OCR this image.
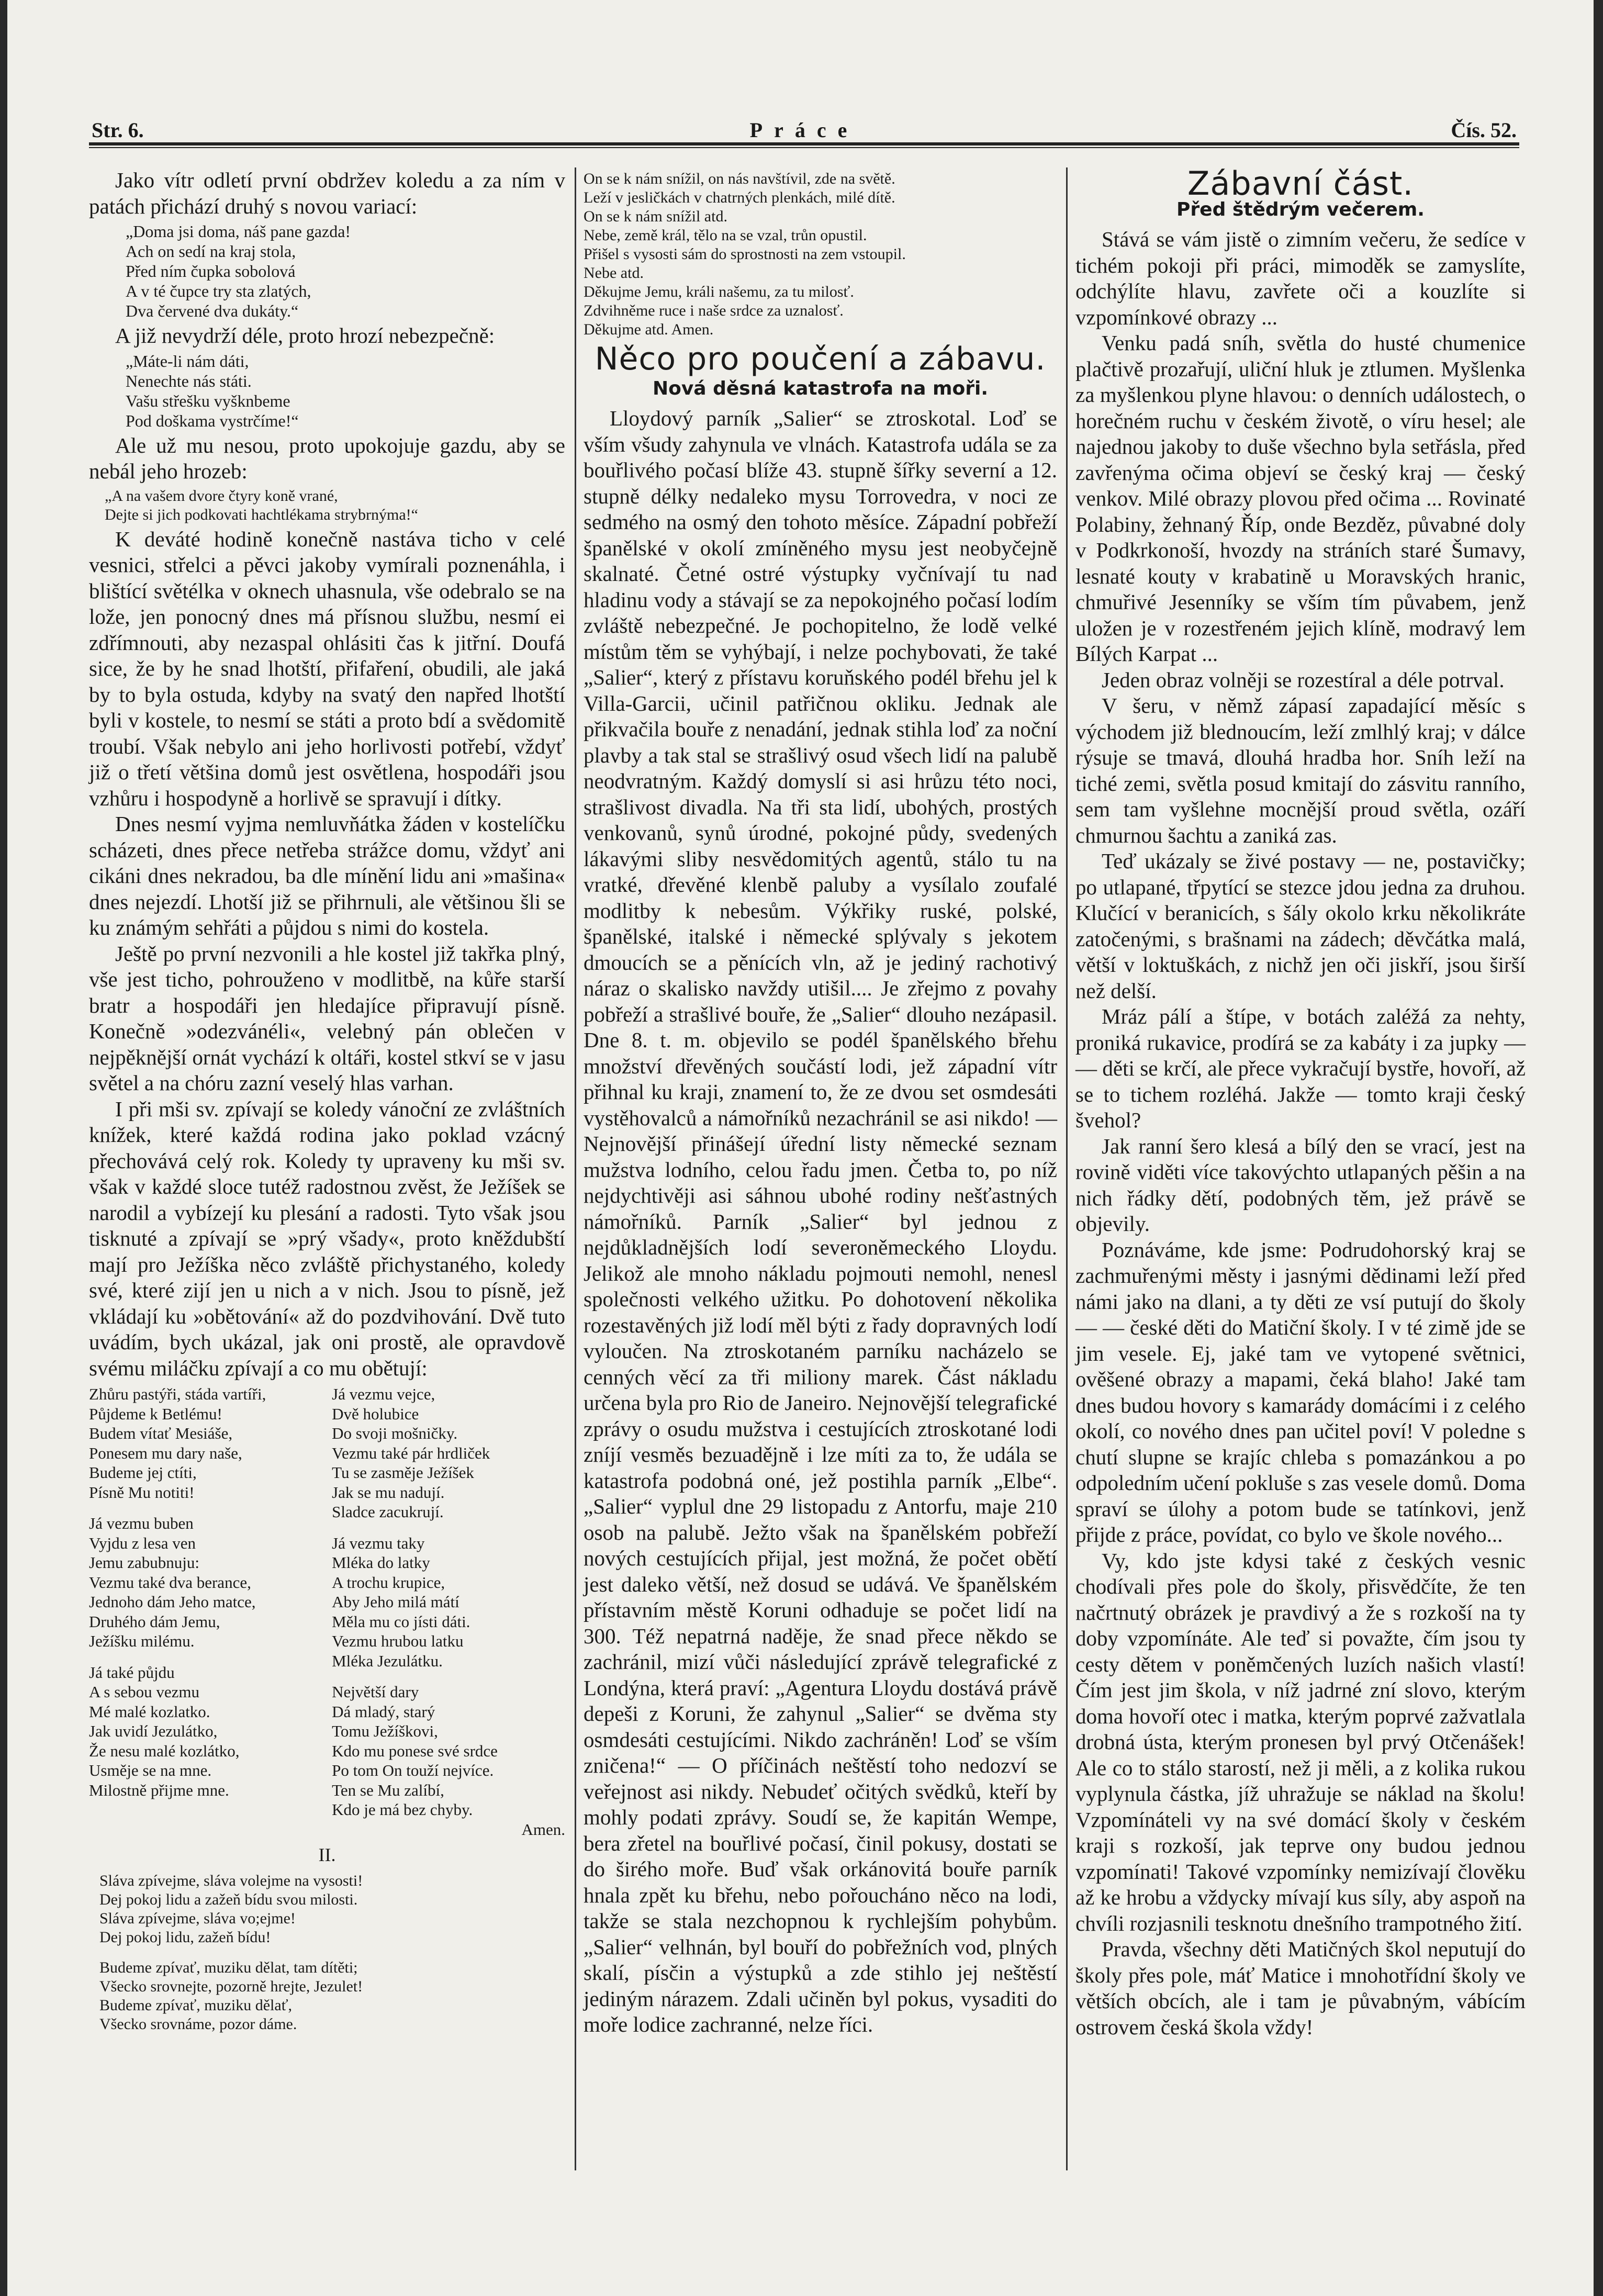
Str. 6.	Práce	Čís. 52.

Jako vítr odletí první obdržev koledu a za ním v patách přichází druhý s novou variací:

„Doma jsi doma, náš pane gazda!
Ach on sedí na kraj stola,
Před ním čupka sobolová
A v té čupce try sta zlatých,
Dva červené dva dukáty.“

A již nevydrží déle, proto hrozí nebezpečně:

„Máte-li nám dáti,
Nenechte nás státi.
Vašu střešku vyšknbeme
Pod doškama vystrčíme!“

Ale už mu nesou, proto upokojuje gazdu, aby se nebál jeho hrozeb:

„A na vašem dvore čtyry koně vrané,
Dejte si jich podkovati hachtlékama strybrnýma!“

K deváté hodině konečně nastáva ticho v celé vesnici, střelci a pěvci jakoby vymírali poznenáhla, i blištící světélka v oknech uhasnula, vše odebralo se na lože, jen ponocný dnes má přísnou službu, nesmí ei zdřímnouti, aby nezaspal ohlásiti čas k jitřní. Doufá sice, že by he snad lhotští, přifaření, obudili, ale jaká by to byla ostuda, kdyby na svatý den napřed lhotští byli v kostele, to nesmí se státi a proto bdí a svědomitě troubí. Však nebylo ani jeho horlivosti potřebí, vždyť již o třetí většina domů jest osvětlena, hospodáři jsou vzhůru i hospodyně a horlivě se spravují i dítky.

Dnes nesmí vyjma nemluvňátka žáden v kostelíčku scházeti, dnes přece netřeba strážce domu, vždyť ani cikáni dnes nekradou, ba dle mínění lidu ani »mašina« dnes nejezdí. Lhotší již se přihrnuli, ale většinou šli se ku známým sehřáti a půjdou s nimi do kostela.

Ještě po první nezvonili a hle kostel již takřka plný, vše jest ticho, pohrouženo v modlitbě, na kůře starší bratr a hospodáři jen hledajíce připravují písně. Konečně »odezvánéli«, velebný pán oblečen v nejpěknější ornát vychází k oltáři, kostel stkví se v jasu světel a na chóru zazní veselý hlas varhan.

I při mši sv. zpívají se koledy vánoční ze zvláštních knížek, které každá rodina jako poklad vzácný přechovává celý rok. Koledy ty upraveny ku mši sv. však v každé sloce tutéž radostnou zvěst, že Ježíšek se narodil a vybízejí ku plesání a radosti. Tyto však jsou tisknuté a zpívají se »prý všady«, proto kněždubští mají pro Ježíška něco zvláště přichystaného, koledy své, které zijí jen u nich a v nich. Jsou to písně, jež vkládají ku »obětování« až do pozdvihování. Dvě tuto uvádím, bych ukázal, jak oni prostě, ale opravdově svému miláčku zpívají a co mu obětují:

Zhůru pastýři, stáda vartíři,
Půjdeme k Betlému!
Budem vítať Mesiáše,
Ponesem mu dary naše,
Budeme jej ctíti,
Písně Mu notiti!
Já vezmu buben
Vyjdu z lesa ven
Jemu zabubnuju:
Vezmu také dva berance,
Jednoho dám Jeho matce,
Druhého dám Jemu,
Ježíšku milému.
Já také půjdu
A s sebou vezmu
Mé malé kozlatko.
Jak uvidí Jezulátko,
Že nesu malé kozlátko,
Usměje se na mne.
Milostně přijme mne.
Já vezmu vejce,
Dvě holubice
Do svoji mošničky.
Vezmu také pár hrdliček
Tu se zasměje Ježíšek
Jak se mu nadují.
Sladce zacukrují.
Já vezmu taky
Mléka do latky
A trochu krupice,
Aby Jeho milá mátí
Měla mu co jísti dáti.
Vezmu hrubou latku
Mléka Jezulátku.
Největší dary
Dá mladý, starý
Tomu Ježíškovi,
Kdo mu ponese své srdce
Po tom On touží nejvíce.
Ten se Mu zalíbí,
Kdo je má bez chyby.
Amen.
II.
Sláva zpívejme, sláva volejme na vysosti!
Dej pokoj lidu a zažeň bídu svou milosti.
Sláva zpívejme, sláva vo;ejme!
Dej pokoj lidu, zažeň bídu!
Budeme zpívať, muziku dělat, tam dítěti;
Všecko srovnejte, pozorně hrejte, Jezulet!
Budeme zpívať, muziku dělať,
Všecko srovnáme, pozor dáme.
On se k nám snížil, on nás navštívil, zde na světě.
Leží v jesličkách v chatrných plenkách, milé dítě.
On se k nám snížil atd.
Nebe, země král, tělo na se vzal, trůn opustil.
Přišel s vysosti sám do sprostnosti na zem vstoupil.
Nebe atd.
Děkujme Jemu, králi našemu, za tu milosť.
Zdvihněme ruce i naše srdce za uznalosť.
Děkujme atd. Amen.
Něco pro poučení a zábavu.
Nová děsná katastrofa na moři.

Lloydový parník „Salier“ se ztroskotal. Loď se vším všudy zahynula ve vlnách. Katastrofa udála se za bouřlivého počasí blíže 43. stupně šířky severní a 12. stupně délky nedaleko mysu Torrovedra, v noci ze sedmého na osmý den tohoto měsíce. Západní pobřeží španělské v okolí zmíněného mysu jest neobyčejně skalnaté. Četné ostré výstupky vyčnívají tu nad hladinu vody a stávají se za nepokojného počasí lodím zvláště nebezpečné. Je pochopitelno, že lodě velké místům těm se vyhýbají, i nelze pochybovati, že také „Salier“, který z přístavu koruňského podél břehu jel k Villa-Garcii, učinil patřičnou okliku. Jednak ale přikvačila bouře z nenadání, jednak stihla loď za noční plavby a tak stal se strašlivý osud všech lidí na palubě neodvratným. Každý domyslí si asi hrůzu této noci, strašlivost divadla. Na tři sta lidí, ubohých, prostých venkovanů, synů úrodné, pokojné půdy, svedených lákavými sliby nesvědomitých agentů, stálo tu na vratké, dřevěné klenbě paluby a vysílalo zoufalé modlitby k nebesům. Výkřiky ruské, polské, španělské, italské i německé splývaly s jekotem dmoucích se a pěnících vln, až je jediný rachotivý náraz o skalisko navždy utišil.... Je zřejmo z povahy pobřeží a strašlivé bouře, že „Salier“ dlouho nezápasil. Dne 8. t. m. objevilo se podél španělského břehu množství dřevěných součástí lodi, jež západní vítr přihnal ku kraji, znamení to, že ze dvou set osmdesáti vystěhovalců a námořníků nezachránil se asi nikdo! — Nejnovější přinášejí úřední listy německé seznam mužstva lodního, celou řadu jmen. Četba to, po níž nejdychtivěji asi sáhnou ubohé rodiny nešťastných námořníků. Parník „Salier“ byl jednou z nejdůkladnějších lodí severoněmeckého Lloydu. Jelikož ale mnoho nákladu pojmouti nemohl, nenesl společnosti velkého užitku. Po dohotovení několika rozestavěných již lodí měl býti z řady dopravných lodí vyloučen. Na ztroskotaném parníku nacházelo se cenných věcí za tři miliony marek. Část nákladu určena byla pro Rio de Janeiro. Nejnovější telegrafické zprávy o osudu mužstva i cestujících ztroskotané lodi zníjí vesměs bezuadějně i lze míti za to, že udála se katastrofa podobná oné, jež postihla parník „Elbe“. „Salier“ vyplul dne 29 listopadu z Antorfu, maje 210 osob na palubě. Ježto však na španělském pobřeží nových cestujících přijal, jest možná, že počet obětí jest daleko větší, než dosud se udává. Ve španělském přístavním městě Koruni odhaduje se počet lidí na 300. Též nepatrná naděje, že snad přece někdo se zachránil, mizí vůči následující zprávě telegrafické z Londýna, která praví: „Agentura Lloydu dostává právě depeši z Koruni, že zahynul „Salier“ se dvěma sty osmdesáti cestujícími. Nikdo zachráněn! Loď se vším zničena!“ — O příčinách neštěstí toho nedozví se veřejnost asi nikdy. Nebudeť očitých svědků, kteří by mohly podati zprávy. Soudí se, že kapitán Wempe, bera zřetel na bouřlivé počasí, činil pokusy, dostati se do širého moře. Buď však orkánovitá bouře parník hnala zpět ku břehu, nebo pořoucháno něco na lodi, takže se stala nezchopnou k rychlejším pohybům. „Salier“ velhnán, byl bouří do pobřežních vod, plných skalí, písčin a výstupků a zde stihlo jej neštěstí jediným nárazem. Zdali učiněn byl pokus, vysaditi do moře lodice zachranné, nelze říci.

Zábavní část.
Před štědrým večerem.

Stává se vám jistě o zimním večeru, že sedíce v tichém pokoji při práci, mimoděk se zamyslíte, odchýlíte hlavu, zavřete oči a kouzlíte si vzpomínkové obrazy ...

Venku padá sníh, světla do husté chumenice plačtivě prozařují, uliční hluk je ztlumen. Myšlenka za myšlenkou plyne hlavou: o denních událostech, o horečném ruchu v českém životě, o víru hesel; ale najednou jakoby to duše všechno byla setřásla, před zavřenýma očima objeví se český kraj — český venkov. Milé obrazy plovou před očima ... Rovinaté Polabiny, žehnaný Říp, onde Bezděz, půvabné doly v Podkrkonoší, hvozdy na stráních staré Šumavy, lesnaté kouty v krabatině u Moravských hranic, chmuřivé Jesenníky se vším tím půvabem, jenž uložen je v rozestřeném jejich klíně, modravý lem Bílých Karpat ...

Jeden obraz volněji se rozestíral a déle potrval.

V šeru, v němž zápasí zapadající měsíc s východem již blednoucím, leží zmlhlý kraj; v dálce rýsuje se tmavá, dlouhá hradba hor. Sníh leží na tiché zemi, světla posud kmitají do zásvitu ranního, sem tam vyšlehne mocnější proud světla, ozáří chmurnou šachtu a zaniká zas.

Teď ukázaly se živé postavy — ne, postavičky; po utlapané, třpytící se stezce jdou jedna za druhou. Klučící v beranicích, s šály okolo krku několikráte zatočenými, s brašnami na zádech; děvčátka malá, větší v loktuškách, z nichž jen oči jiskří, jsou širší než delší.

Mráz pálí a štípe, v botách zaléžá za nehty, proniká rukavice, prodírá se za kabáty i za jupky — — děti se krčí, ale přece vykračují bystře, hovoří, až se to tichem rozléhá. Jakže — tomto kraji český švehol?

Jak ranní šero klesá a bílý den se vrací, jest na rovině viděti více takovýchto utlapaných pěšin a na nich řádky dětí, podobných těm, jež právě se objevily.

Poznáváme, kde jsme: Podrudohorský kraj se zachmuřenými městy i jasnými dědinami leží před námi jako na dlani, a ty děti ze vsí putují do školy — — české děti do Matiční školy. I v té zimě jde se jim vesele. Ej, jaké tam ve vytopené světnici, ověšené obrazy a mapami, čeká blaho! Jaké tam dnes budou hovory s kamarády domácími i z celého okolí, co nového dnes pan učitel poví! V poledne s chutí slupne se krajíc chleba s pomazánkou a po odpoledním učení pokluše s zas vesele domů. Doma spraví se úlohy a potom bude se tatínkovi, jenž přijde z práce, povídat, co bylo ve škole nového...

Vy, kdo jste kdysi také z českých vesnic chodívali přes pole do školy, přisvědčíte, že ten načrtnutý obrázek je pravdivý a že s rozkoší na ty doby vzpomínáte. Ale teď si považte, čím jsou ty cesty dětem v poněmčených luzích našich vlastí! Čím jest jim škola, v níž jadrné zní slovo, kterým doma hovoří otec i matka, kterým poprvé zažvatlala drobná ústa, kterým pronesen byl prvý Otčenášek! Ale co to stálo starostí, než ji měli, a z kolika rukou vyplynula částka, jíž uhražuje se náklad na školu! Vzpomínáteli vy na své domácí školy v českém kraji s rozkoší, jak teprve ony budou jednou vzpomínati! Takové vzpomínky nemizívají člověku až ke hrobu a vždycky mívají kus síly, aby aspoň na chvíli rozjasnili tesknotu dnešního trampotného žití.

Pravda, všechny děti Matičných škol neputují do školy přes pole, máť Matice i mnohotřídní školy ve větších obcích, ale i tam je půvabným, vábícím ostrovem česká škola vždy!
